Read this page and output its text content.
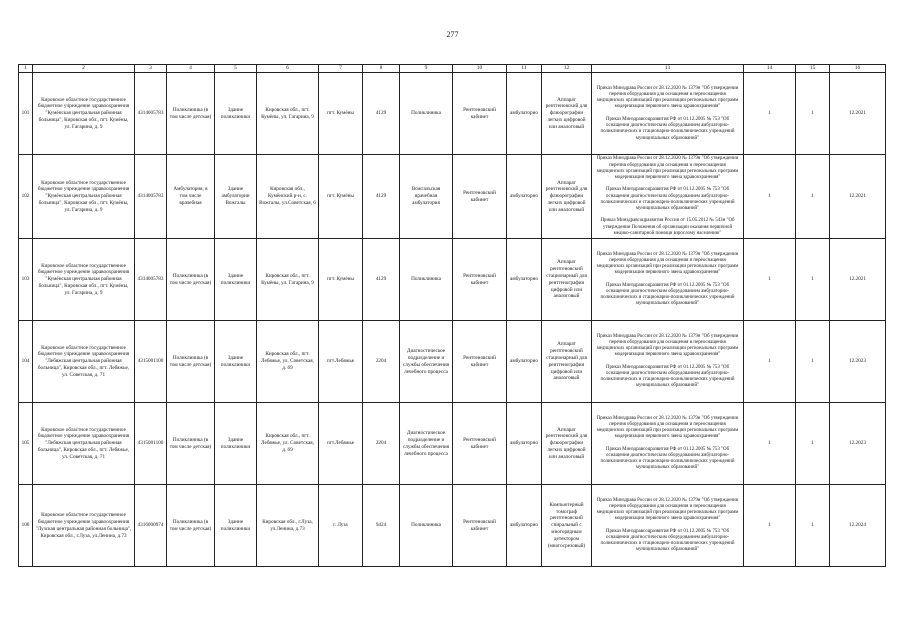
277
1	2	3	4	5	6	7	8	9	10	11	12	13	14	15	16
101	Кировское областное государственное бюджетное учреждение здравоохранения "Кумёнская центральная районная больница", Кировская обл., пгт. Кумёны, ул. Гагарина, д. 9	4314005783	Поликлиника (в том числе детская)	Здание поликлиники	Кировская обл., пгт. Кумёны, ул. Гагарина, 9	пгт. Кумёны	4129	Поликлиника	Рентгеновский кабинет	амбулаторно	Аппарат рентгеновский для флюорографии легких цифровой или аналоговый	Приказ Минздрава России от 28.12.2020 № 1379н "Об утверждении перечня оборудования для оснащения и переоснащения медицинских организаций при реализации региональных программ модернизации первичного звена здравоохранения"
Приказ Минздравсоцразвития РФ от 01.12.2005 № 753 "Об оснащении диагностическим оборудованием амбулаторно-поликлинических и стационарно-поликлинических учреждений муниципальных образований"	1	1	12.2021
102	Кировское областное государственное бюджетное учреждение здравоохранения "Кумёнская центральная районная больница", Кировская обл., пгт. Кумёны, ул. Гагарина, д. 9	4314005783	Амбулатория, в том числе врачебная	Здание амбулатории Вожгалы	Кировская обл., Кумёнский р-н, с. Вожгалы, ул.Советская, 6	пгт. Кумёны	4129	Вожгальская врачебная амбулатория	Рентгеновский кабинет	амбулаторно	Аппарат рентгеновский для флюорографии легких цифровой или аналоговый	Приказ Минздрава России от 28.12.2020 № 1379н "Об утверждении перечня оборудования для оснащения и переоснащения медицинских организаций при реализации региональных программ модернизации первичного звена здравоохранения"
Приказ Минздравсоцразвития РФ от 01.12.2005 № 753 "Об оснащении диагностическим оборудованием амбулаторно-поликлинических и стационарно-поликлинических учреждений муниципальных образований"
Приказ Минздравсоцразвития России от 15.05.2012 № 543н "Об утверждении Положения об организации оказания первичной медико-санитарной помощи взрослому населению"	1	1	12.2021
103	Кировское областное государственное бюджетное учреждение здравоохранения "Кумёнская центральная районная больница", Кировская обл., пгт. Кумёны, ул. Гагарина, д. 9	4314005783	Поликлиника (в том числе детская)	Здание поликлиники	Кировская обл., пгт. Кумёны, ул. Гагарина, 9	пгт. Кумёны	4129	Поликлиника	Рентгеновский кабинет	амбулаторно	Аппарат рентгеновский стационарный для рентгенографии цифровой или аналоговый	Приказ Минздрава России от 28.12.2020 № 1379н "Об утверждении перечня оборудования для оснащения и переоснащения медицинских организаций при реализации региональных программ модернизации первичного звена здравоохранения"
Приказ Минздравсоцразвития РФ от 01.12.2005 № 753 "Об оснащении диагностическим оборудованием амбулаторно-поликлинических и стационарно-поликлинических учреждений муниципальных образований"	1	1	12.2021
104	Кировское областное государственное бюджетное учреждение здравоохранения "Лебяжская центральная районная больница", Кировская обл., пгт. Лебяжье, ул. Советская, д. 71	4315001100	Поликлиника (в том числе детская)	Здание поликлиники	Кировская обл., пгт. Лебяжье, ул. Советская, д. 69	пгт.Лебяжье	2204	Диагностическое подразделение и службы обеспечения лечебного процесса	Рентгеновский кабинет	амбулаторно	Аппарат рентгеновский стационарный для рентгенографии цифровой или аналоговый	Приказ Минздрава России от 28.12.2020 № 1379н "Об утверждении перечня оборудования для оснащения и переоснащения медицинских организаций при реализации региональных программ модернизации первичного звена здравоохранения"
Приказ Минздравсоцразвития РФ от 01.12.2005 № 753 "Об оснащении диагностическим оборудованием амбулаторно-поликлинических и стационарно-поликлинических учреждений муниципальных образований"	1	1	12.2023
105	Кировское областное государственное бюджетное учреждение здравоохранения "Лебяжская центральная районная больница", Кировская обл., пгт. Лебяжье, ул. Советская, д. 71	4315001100	Поликлиника (в том числе детская)	Здание поликлиники	Кировская обл., пгт. Лебяжье, ул. Советская, д. 69	пгт.Лебяжье	2204	Диагностическое подразделение и службы обеспечения лечебного процесса	Рентгеновский кабинет	амбулаторно	Аппарат рентгеновский для флюорографии легких цифровой или аналоговый	Приказ Минздрава России от 28.12.2020 № 1379н "Об утверждении перечня оборудования для оснащения и переоснащения медицинских организаций при реализации региональных программ модернизации первичного звена здравоохранения"
Приказ Минздравсоцразвития РФ от 01.12.2005 № 753 "Об оснащении диагностическим оборудованием амбулаторно-поликлинических и стационарно-поликлинических учреждений муниципальных образований"	1	1	12.2023
106	Кировское областное государственное бюджетное учреждение здравоохранения "Лузская центральная районная больница", Кировская обл., г.Луза, ул.Ленина, д.73	4316000974	Поликлиника (в том числе детская)	Здание поликлиники	Кировская обл., г.Луза, ул.Ленина, д.73	г. Луза	9424	Поликлиника	Рентгеновский кабинет	амбулаторно	Компьютерный томограф рентгеновский спиральный с многорядным детектором (многосрезовый)	Приказ Минздрава России от 28.12.2020 № 1379н "Об утверждении перечня оборудования для оснащения и переоснащения медицинских организаций при реализации региональных программ модернизации первичного звена здравоохранения"
Приказ Минздравсоцразвития РФ от 01.12.2005 № 753 "Об оснащении диагностическим оборудованием амбулаторно-поликлинических и стационарно-поликлинических учреждений муниципальных образований"	1	1	12.2024
